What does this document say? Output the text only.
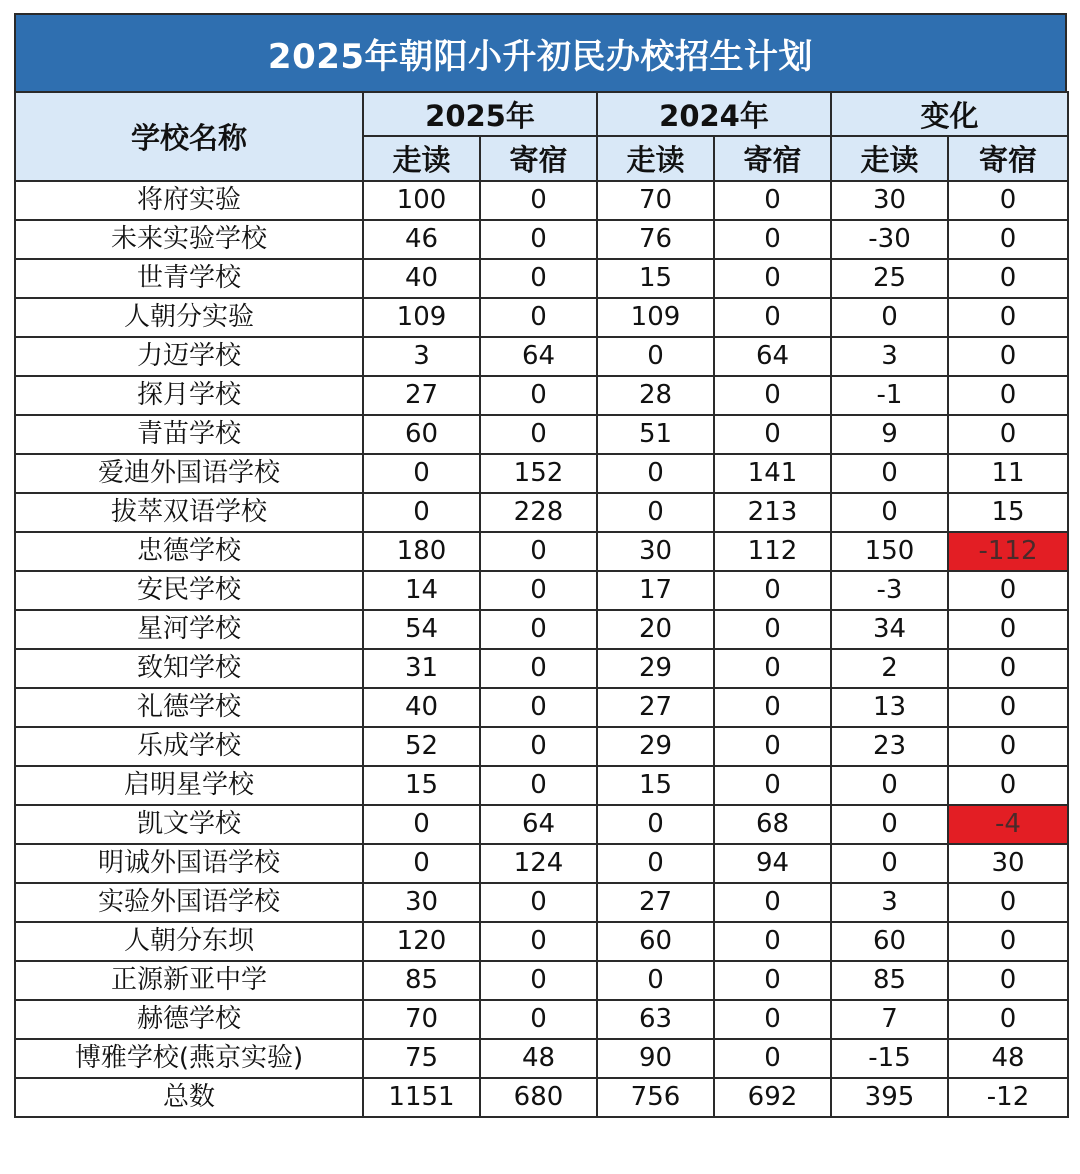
2025年朝阳小升初民办校招生计划
学校名称	2025年		2024年		变化	
	走读	寄宿	走读	寄宿	走读	寄宿
将府实验	100	0	70	0	30	0
未来实验学校	46	0	76	0	-30	0
世青学校	40	0	15	0	25	0
人朝分实验	109	0	109	0	0	0
力迈学校	3	64	0	64	3	0
探月学校	27	0	28	0	-1	0
青苗学校	60	0	51	0	9	0
爱迪外国语学校	0	152	0	141	0	11
拔萃双语学校	0	228	0	213	0	15
忠德学校	180	0	30	112	150	-112
安民学校	14	0	17	0	-3	0
星河学校	54	0	20	0	34	0
致知学校	31	0	29	0	2	0
礼德学校	40	0	27	0	13	0
乐成学校	52	0	29	0	23	0
启明星学校	15	0	15	0	0	0
凯文学校	0	64	0	68	0	-4
明诚外国语学校	0	124	0	94	0	30
实验外国语学校	30	0	27	0	3	0
人朝分东坝	120	0	60	0	60	0
正源新亚中学	85	0	0	0	85	0
赫德学校	70	0	63	0	7	0
博雅学校(燕京实验)	75	48	90	0	-15	48
总数	1151	680	756	692	395	-12
